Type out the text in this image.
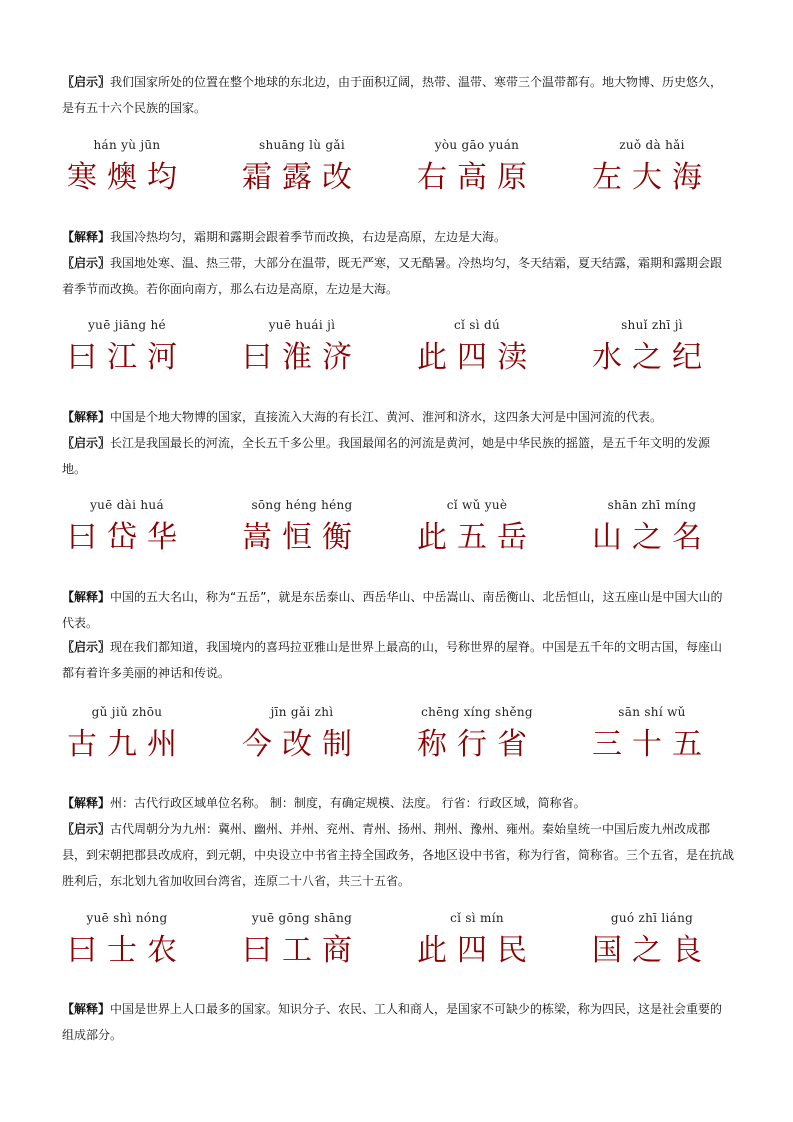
〖启示〗我们国家所处的位置在整个地球的东北边，由于面积辽阔，热带、温带、寒带三个温带都有。地大物博、历史悠久，是有五十六个民族的国家。

hán yù jūn
寒燠均
shuāng lù gǎi
霜露改
yòu gāo yuán
右高原
zuǒ dà hǎi
左大海

【解释】我国冷热均匀，霜期和露期会跟着季节而改换，右边是高原，左边是大海。

〖启示〗我国地处寒、温、热三带，大部分在温带，既无严寒，又无酷暑。冷热均匀，冬天结霜，夏天结露，霜期和露期会跟着季节而改换。若你面向南方，那么右边是高原，左边是大海。

yuē jiāng hé
曰江河
yuē huái jì
曰淮济
cǐ sì dú
此四渎
shuǐ zhī jì
水之纪

【解释】中国是个地大物博的国家，直接流入大海的有长江、黄河、淮河和济水，这四条大河是中国河流的代表。

〖启示〗长江是我国最长的河流，全长五千多公里。我国最闻名的河流是黄河，她是中华民族的摇篮，是五千年文明的发源地。

yuē dài huá
曰岱华
sōng héng héng
嵩恒衡
cǐ wǔ yuè
此五岳
shān zhī míng
山之名

【解释】中国的五大名山，称为“五岳”，就是东岳泰山、西岳华山、中岳嵩山、南岳衡山、北岳恒山，这五座山是中国大山的代表。

〖启示〗现在我们都知道，我国境内的喜玛拉亚雅山是世界上最高的山，号称世界的屋脊。中国是五千年的文明古国，每座山都有着许多美丽的神话和传说。

gǔ jiǔ zhōu
古九州
jīn gǎi zhì
今改制
chēng xíng shěng
称行省
sān shí wǔ
三十五

【解释】州：古代行政区域单位名称。 制：制度，有确定规模、法度。 行省：行政区域，简称省。

〖启示〗古代周朝分为九州：冀州、幽州、并州、兖州、青州、扬州、荆州、豫州、雍州。秦始皇统一中国后废九州改成郡县，到宋朝把郡县改成府，到元朝，中央设立中书省主持全国政务，各地区设中书省，称为行省，简称省。三个五省，是在抗战胜利后，东北划九省加收回台湾省，连原二十八省，共三十五省。

yuē shì nóng
曰士农
yuē gōng shāng
曰工商
cǐ sì mín
此四民
guó zhī liáng
国之良

【解释】中国是世界上人口最多的国家。知识分子、农民、工人和商人，是国家不可缺少的栋梁，称为四民，这是社会重要的组成部分。
